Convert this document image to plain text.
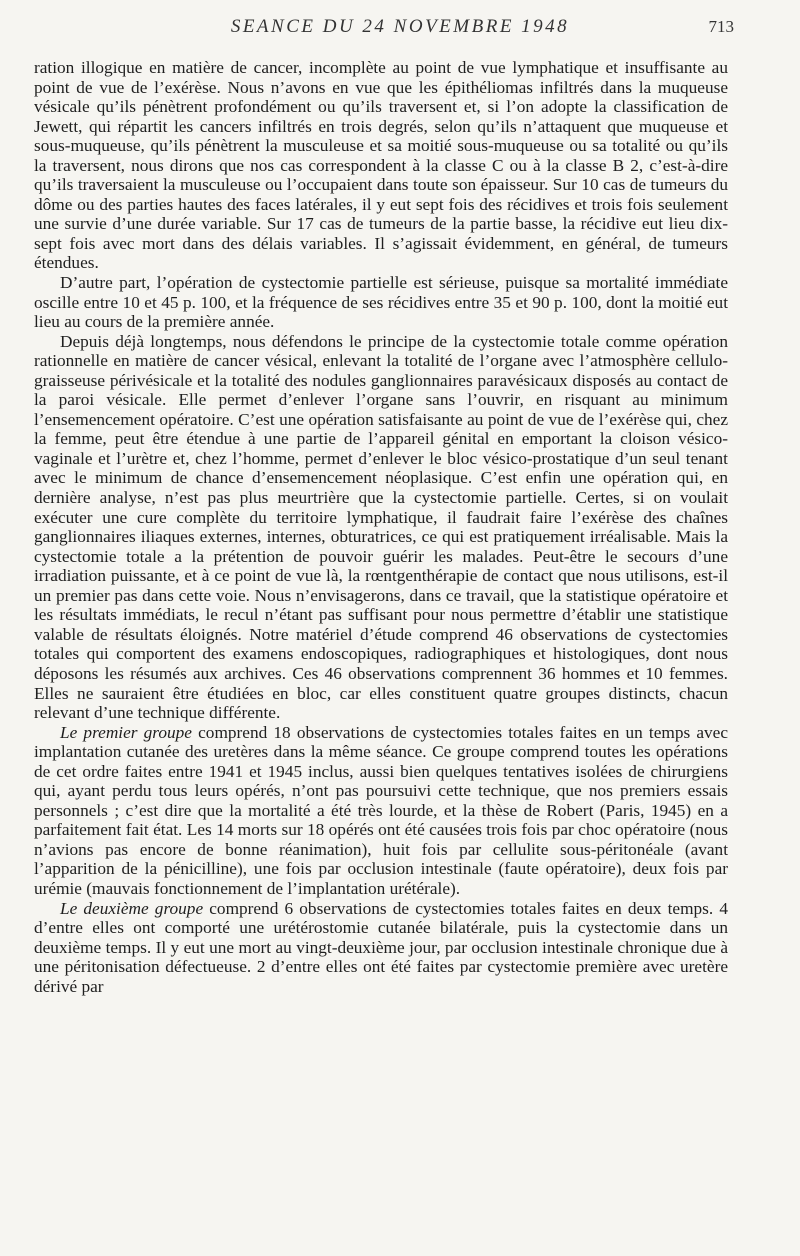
SEANCE DU 24 NOVEMBRE 1948	713

ration illogique en matière de cancer, incomplète au point de vue lymphatique et insuffisante au point de vue de l’exérèse. Nous n’avons en vue que les épithéliomas infiltrés dans la muqueuse vésicale qu’ils pénètrent profondément ou qu’ils traversent et, si l’on adopte la classification de Jewett, qui répartit les cancers infiltrés en trois degrés, selon qu’ils n’attaquent que muqueuse et sous-muqueuse, qu’ils pénètrent la musculeuse et sa moitié sous-muqueuse ou sa totalité ou qu’ils la traversent, nous dirons que nos cas correspondent à la classe C ou à la classe B 2, c’est-à-dire qu’ils traversaient la musculeuse ou l’occupaient dans toute son épaisseur. Sur 10 cas de tumeurs du dôme ou des parties hautes des faces latérales, il y eut sept fois des récidives et trois fois seulement une survie d’une durée variable. Sur 17 cas de tumeurs de la partie basse, la récidive eut lieu dix-sept fois avec mort dans des délais variables. Il s’agissait évidemment, en général, de tumeurs étendues.

D’autre part, l’opération de cystectomie partielle est sérieuse, puisque sa mortalité immédiate oscille entre 10 et 45 p. 100, et la fréquence de ses récidives entre 35 et 90 p. 100, dont la moitié eut lieu au cours de la première année.

Depuis déjà longtemps, nous défendons le principe de la cystectomie totale comme opération rationnelle en matière de cancer vésical, enlevant la totalité de l’organe avec l’atmosphère cellulo-graisseuse périvésicale et la totalité des nodules ganglionnaires paravésicaux disposés au contact de la paroi vésicale. Elle permet d’enlever l’organe sans l’ouvrir, en risquant au minimum l’ensemencement opératoire. C’est une opération satisfaisante au point de vue de l’exérèse qui, chez la femme, peut être étendue à une partie de l’appareil génital en emportant la cloison vésico-vaginale et l’urètre et, chez l’homme, permet d’enlever le bloc vésico-prostatique d’un seul tenant avec le minimum de chance d’ensemencement néoplasique. C’est enfin une opération qui, en dernière analyse, n’est pas plus meurtrière que la cystectomie partielle. Certes, si on voulait exécuter une cure complète du territoire lymphatique, il faudrait faire l’exérèse des chaînes ganglionnaires iliaques externes, internes, obturatrices, ce qui est pratiquement irréalisable. Mais la cystectomie totale a la prétention de pouvoir guérir les malades. Peut-être le secours d’une irradiation puissante, et à ce point de vue là, la rœntgenthérapie de contact que nous utilisons, est-il un premier pas dans cette voie. Nous n’envisagerons, dans ce travail, que la statistique opératoire et les résultats immédiats, le recul n’étant pas suffisant pour nous permettre d’établir une statistique valable de résultats éloignés. Notre matériel d’étude comprend 46 observations de cystectomies totales qui comportent des examens endoscopiques, radiographiques et histologiques, dont nous déposons les résumés aux archives. Ces 46 observations comprennent 36 hommes et 10 femmes. Elles ne sauraient être étudiées en bloc, car elles constituent quatre groupes distincts, chacun relevant d’une technique différente.

Le premier groupe comprend 18 observations de cystectomies totales faites en un temps avec implantation cutanée des uretères dans la même séance. Ce groupe comprend toutes les opérations de cet ordre faites entre 1941 et 1945 inclus, aussi bien quelques tentatives isolées de chirurgiens qui, ayant perdu tous leurs opérés, n’ont pas poursuivi cette technique, que nos premiers essais personnels ; c’est dire que la mortalité a été très lourde, et la thèse de Robert (Paris, 1945) en a parfaitement fait état. Les 14 morts sur 18 opérés ont été causées trois fois par choc opératoire (nous n’avions pas encore de bonne réanimation), huit fois par cellulite sous-péritonéale (avant l’apparition de la pénicilline), une fois par occlusion intestinale (faute opératoire), deux fois par urémie (mauvais fonctionnement de l’implantation urétérale).

Le deuxième groupe comprend 6 observations de cystectomies totales faites en deux temps. 4 d’entre elles ont comporté une urétérostomie cutanée bilatérale, puis la cystectomie dans un deuxième temps. Il y eut une mort au vingt-deuxième jour, par occlusion intestinale chronique due à une péritonisation défectueuse. 2 d’entre elles ont été faites par cystectomie première avec uretère dérivé par
